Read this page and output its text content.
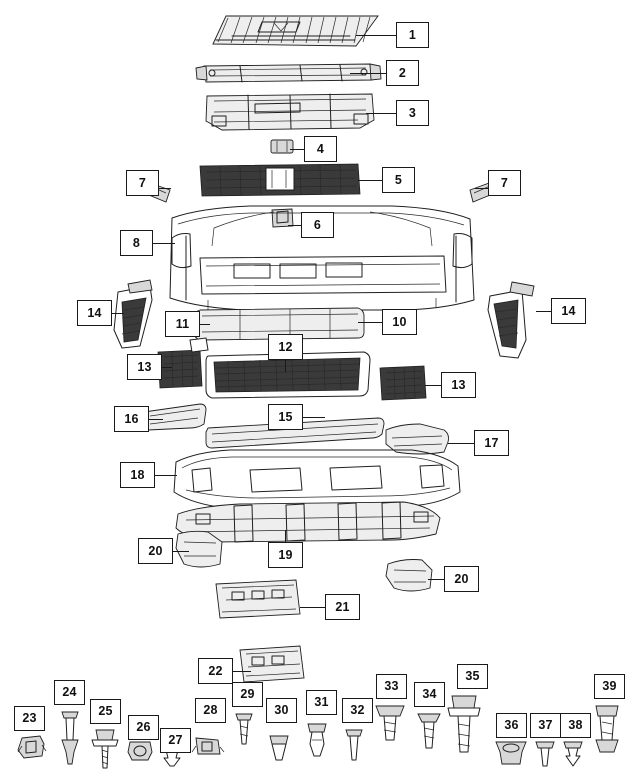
1
2
3
4
5
6
7	7
8
10
11
12
13
13
14	14
15
16
17
18
19
20
20
21
22
23
24
25
26
27
28
29
30
31
32
33
34
35
36	37	38
39
